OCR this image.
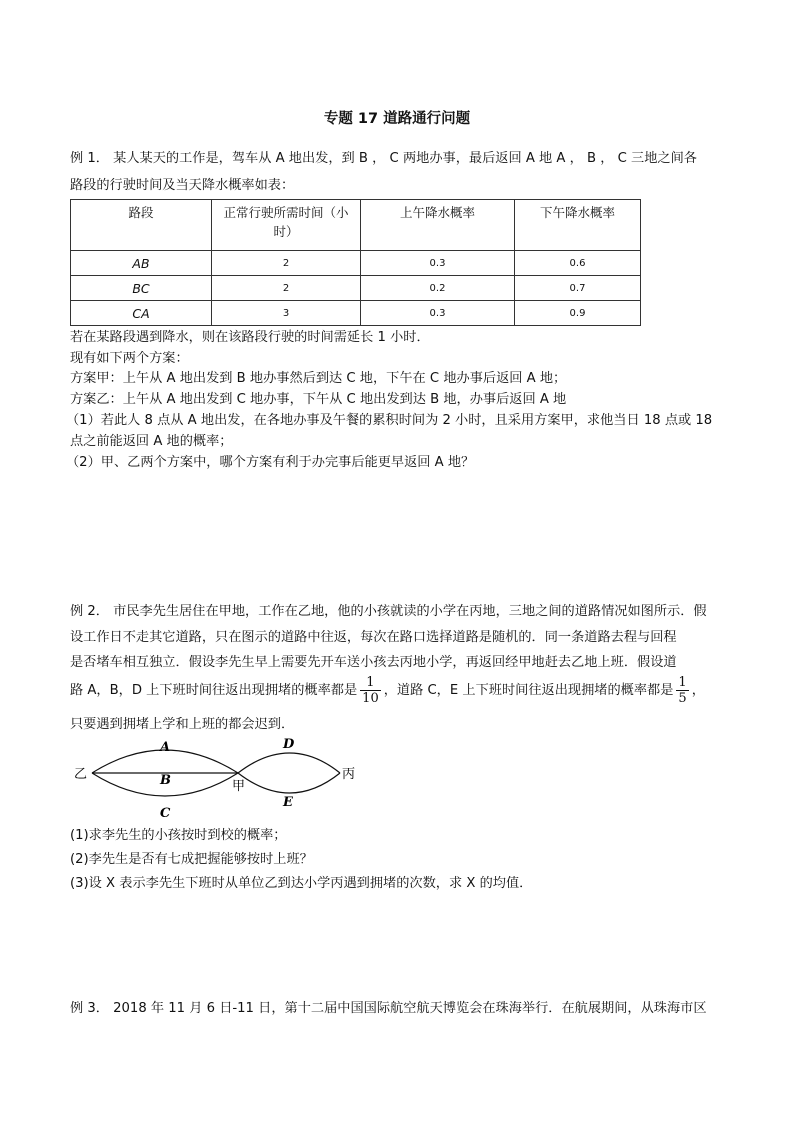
专题 17 道路通行问题
例 1． 某人某天的工作是，驾车从 A 地出发，到 B ， C 两地办事，最后返回 A 地 A ， B ， C 三地之间各
路段的行驶时间及当天降水概率如表：
路段	正常行驶所需时间（小时）	上午降水概率	下午降水概率
AB	2	0.3	0.6
BC	2	0.2	0.7
CA	3	0.3	0.9
若在某路段遇到降水，则在该路段行驶的时间需延长 1 小时．
现有如下两个方案：
方案甲：上午从 A 地出发到 B 地办事然后到达 C 地，下午在 C 地办事后返回 A 地；
方案乙：上午从 A 地出发到 C 地办事，下午从 C 地出发到达 B 地，办事后返回 A 地
（1）若此人 8 点从 A 地出发，在各地办事及午餐的累积时间为 2 小时，且采用方案甲，求他当日 18 点或 18
点之前能返回 A 地的概率；
（2）甲、乙两个方案中，哪个方案有利于办完事后能更早返回 A 地？
例 2． 市民李先生居住在甲地，工作在乙地，他的小孩就读的小学在丙地，三地之间的道路情况如图所示．假
设工作日不走其它道路，只在图示的道路中往返，每次在路口选择道路是随机的．同一条道路去程与回程
是否堵车相互独立．假设李先生早上需要先开车送小孩去丙地小学，再返回经甲地赶去乙地上班．假设道
路 A，B，D 上下班时间往返出现拥堵的概率都是 $\frac{1}{10}$ ，道路 C，E 上下班时间往返出现拥堵的概率都是 $\frac{1}{5}$ ，
只要遇到拥堵上学和上班的都会迟到．
A
B
C
D
E
乙
甲
丙
(1)求李先生的小孩按时到校的概率；
(2)李先生是否有七成把握能够按时上班？
(3)设 X 表示李先生下班时从单位乙到达小学丙遇到拥堵的次数，求 X 的均值．
例 3． 2018 年 11 月 6 日-11 日，第十二届中国国际航空航天博览会在珠海举行．在航展期间，从珠海市区
